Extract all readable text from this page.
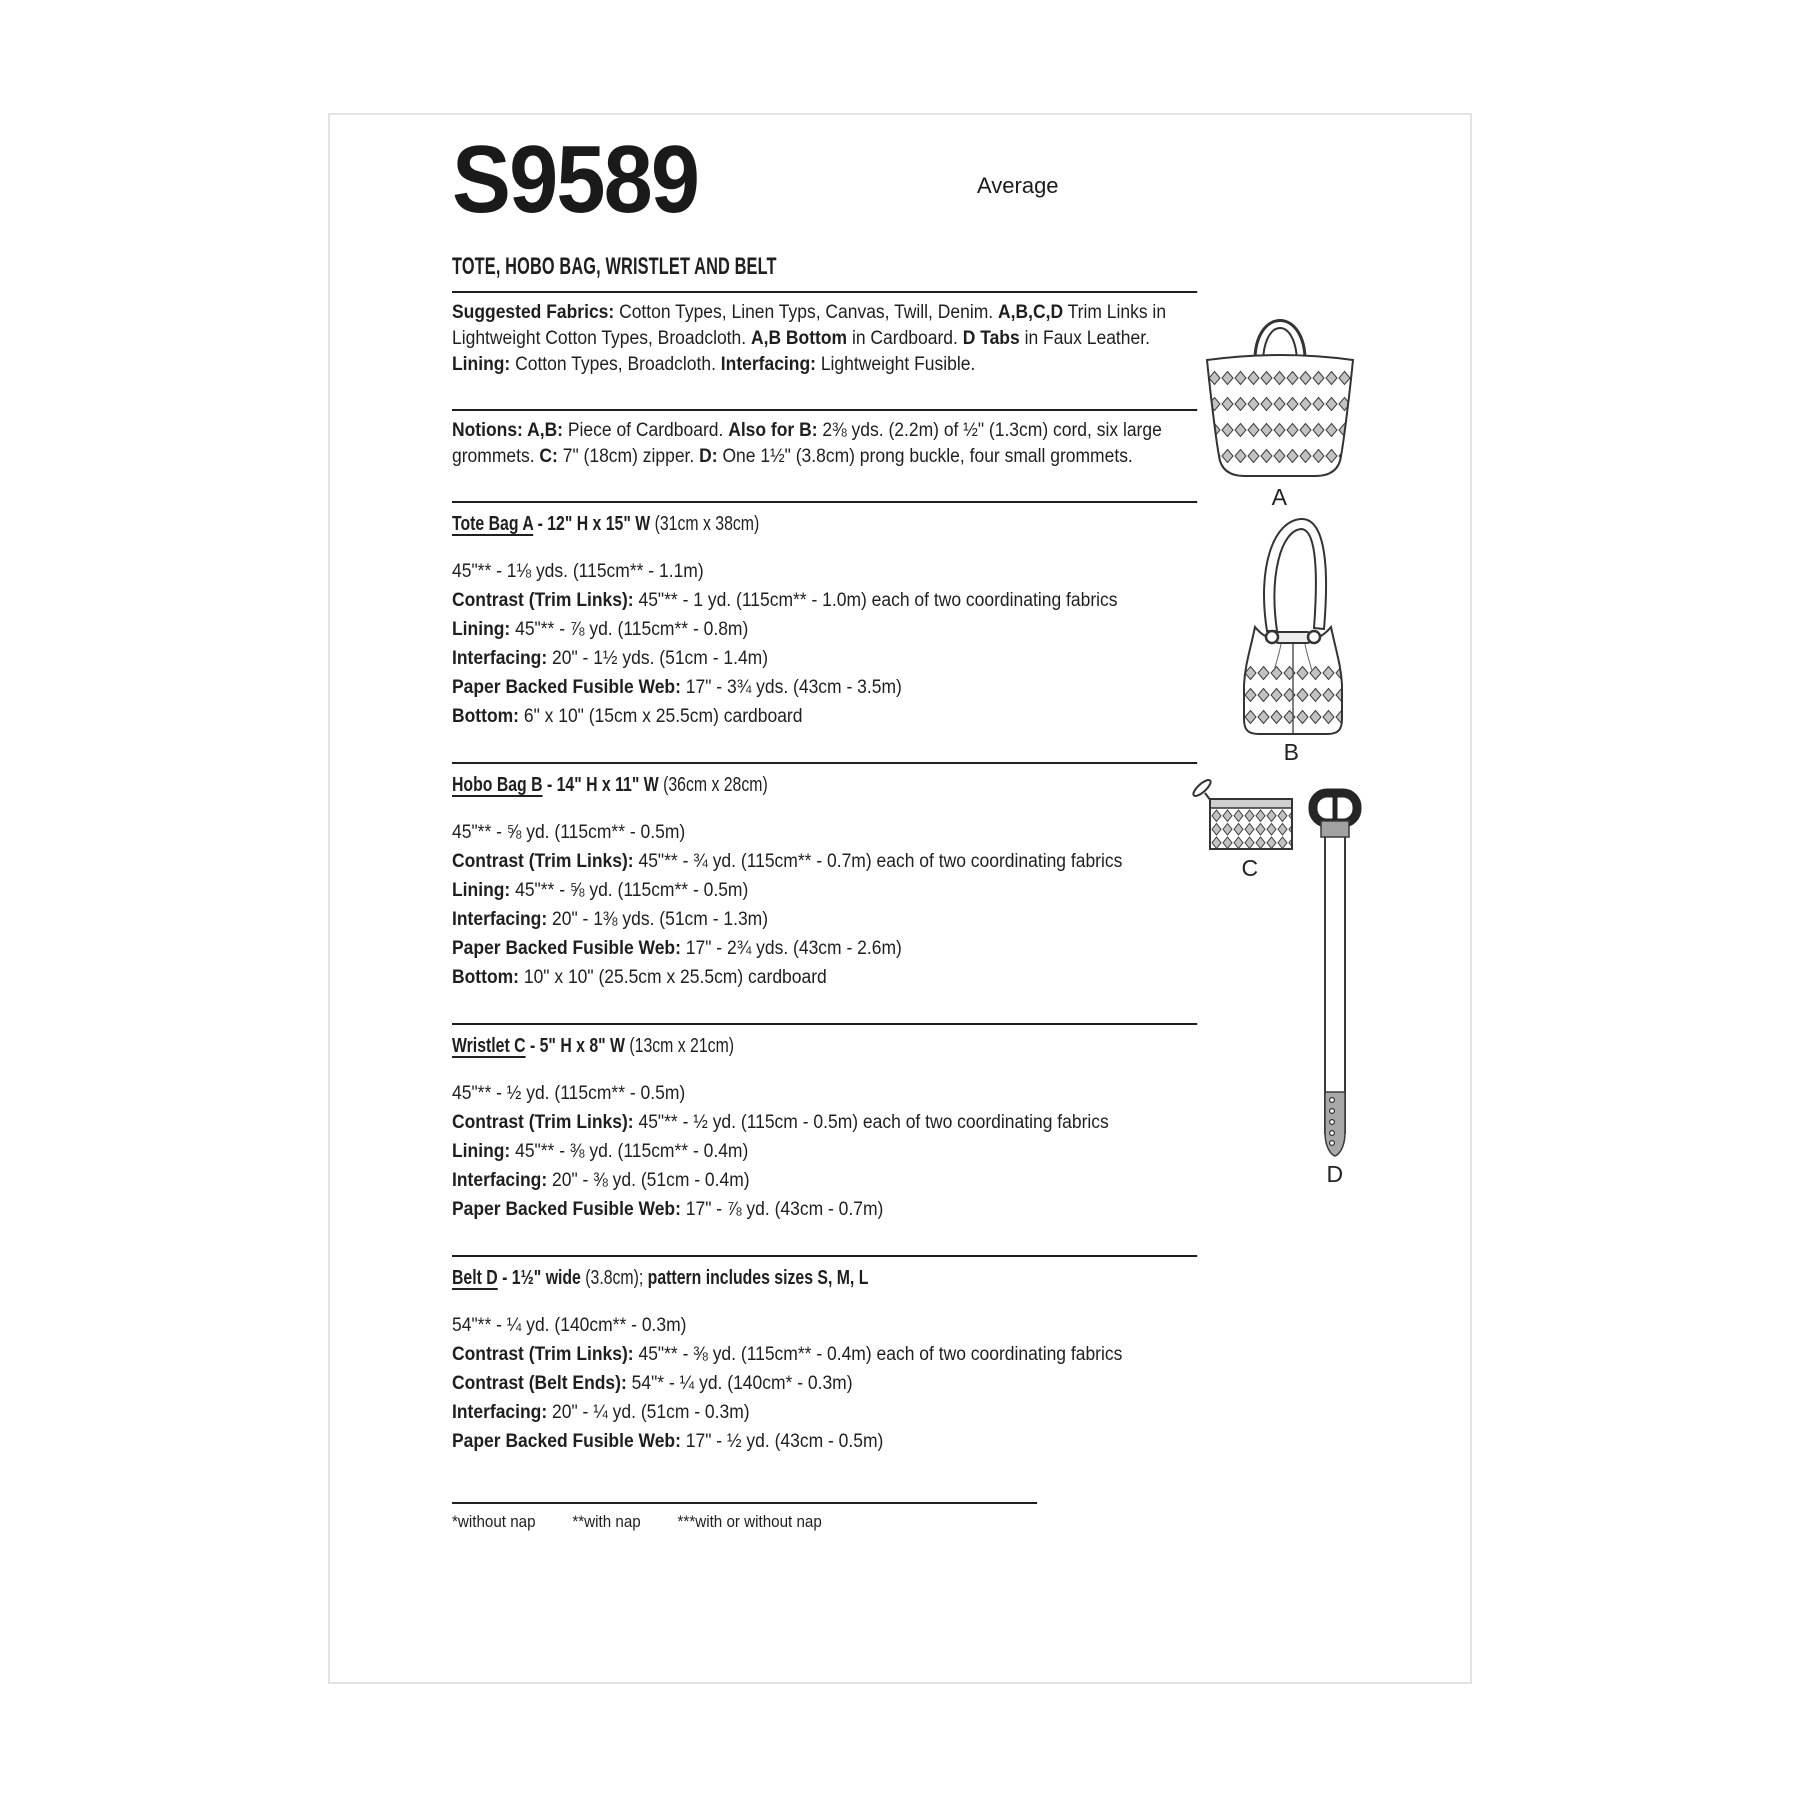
Average
S9589
TOTE, HOBO BAG, WRISTLET AND BELT
Suggested Fabrics: Cotton Types, Linen Typs, Canvas, Twill, Denim. A,B,C,D Trim Links in
Lightweight Cotton Types, Broadcloth. A,B Bottom in Cardboard. D Tabs in Faux Leather.
Lining: Cotton Types, Broadcloth. Interfacing: Lightweight Fusible.
Notions: A,B: Piece of Cardboard. Also for B: 2⅜ yds. (2.2m) of ½" (1.3cm) cord, six large
grommets. C: 7" (18cm) zipper. D: One 1½" (3.8cm) prong buckle, four small grommets.
Tote Bag A - 12" H x 15" W (31cm x 38cm)
45"** - 1⅛ yds. (115cm** - 1.1m)
Contrast (Trim Links): 45"** - 1 yd. (115cm** - 1.0m) each of two coordinating fabrics
Lining: 45"** - ⅞ yd. (115cm** - 0.8m)
Interfacing: 20" - 1½ yds. (51cm - 1.4m)
Paper Backed Fusible Web: 17" - 3¾ yds. (43cm - 3.5m)
Bottom: 6" x 10" (15cm x 25.5cm) cardboard
Hobo Bag B - 14" H x 11" W (36cm x 28cm)
45"** - ⅝ yd. (115cm** - 0.5m)
Contrast (Trim Links): 45"** - ¾ yd. (115cm** - 0.7m) each of two coordinating fabrics
Lining: 45"** - ⅝ yd. (115cm** - 0.5m)
Interfacing: 20" - 1⅜ yds. (51cm - 1.3m)
Paper Backed Fusible Web: 17" - 2¾ yds. (43cm - 2.6m)
Bottom: 10" x 10" (25.5cm x 25.5cm) cardboard
Wristlet C - 5" H x 8" W (13cm x 21cm)
45"** - ½ yd. (115cm** - 0.5m)
Contrast (Trim Links): 45"** - ½ yd. (115cm - 0.5m) each of two coordinating fabrics
Lining: 45"** - ⅜ yd. (115cm** - 0.4m)
Interfacing: 20" - ⅜ yd. (51cm - 0.4m)
Paper Backed Fusible Web: 17" - ⅞ yd. (43cm - 0.7m)
Belt D - 1½" wide (3.8cm); pattern includes sizes S, M, L
54"** - ¼ yd. (140cm** - 0.3m)
Contrast (Trim Links): 45"** - ⅜ yd. (115cm** - 0.4m) each of two coordinating fabrics
Contrast (Belt Ends): 54"* - ¼ yd. (140cm* - 0.3m)
Interfacing: 20" - ¼ yd. (51cm - 0.3m)
Paper Backed Fusible Web: 17" - ½ yd. (43cm - 0.5m)
*without nap **with nap ***with or without nap
A
B
C
D
